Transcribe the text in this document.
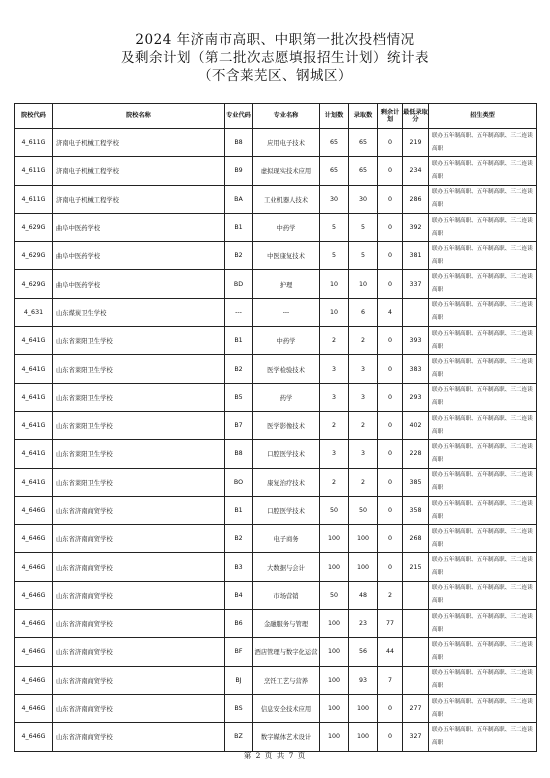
2024 年济南市高职、中职第一批次投档情况
及剩余计划（第二批次志愿填报招生计划）统计表
（不含莱芜区、钢城区）
院校代码	院校名称	专业代码	专业名称	计划数	录取数	剩余计划	最低录取分	招生类型
4_611G	济南电子机械工程学校	B8	应用电子技术	65	65	0	219	联办五年制高职、五年制高职、三二连读高职
4_611G	济南电子机械工程学校	B9	虚拟现实技术应用	65	65	0	234	联办五年制高职、五年制高职、三二连读高职
4_611G	济南电子机械工程学校	BA	工业机器人技术	30	30	0	286	联办五年制高职、五年制高职、三二连读高职
4_629G	曲阜中医药学校	B1	中药学	5	5	0	392	联办五年制高职、五年制高职、三二连读高职
4_629G	曲阜中医药学校	B2	中医康复技术	5	5	0	381	联办五年制高职、五年制高职、三二连读高职
4_629G	曲阜中医药学校	BD	护理	10	10	0	337	联办五年制高职、五年制高职、三二连读高职
4_631	山东煤炭卫生学校	---	---	10	6	4		联办五年制高职、五年制高职、三二连读高职
4_641G	山东省莱阳卫生学校	B1	中药学	2	2	0	393	联办五年制高职、五年制高职、三二连读高职
4_641G	山东省莱阳卫生学校	B2	医学检验技术	3	3	0	383	联办五年制高职、五年制高职、三二连读高职
4_641G	山东省莱阳卫生学校	B5	药学	3	3	0	293	联办五年制高职、五年制高职、三二连读高职
4_641G	山东省莱阳卫生学校	B7	医学影像技术	2	2	0	402	联办五年制高职、五年制高职、三二连读高职
4_641G	山东省莱阳卫生学校	B8	口腔医学技术	3	3	0	228	联办五年制高职、五年制高职、三二连读高职
4_641G	山东省莱阳卫生学校	BO	康复治疗技术	2	2	0	385	联办五年制高职、五年制高职、三二连读高职
4_646G	山东省济南商贸学校	B1	口腔医学技术	50	50	0	358	联办五年制高职、五年制高职、三二连读高职
4_646G	山东省济南商贸学校	B2	电子商务	100	100	0	268	联办五年制高职、五年制高职、三二连读高职
4_646G	山东省济南商贸学校	B3	大数据与会计	100	100	0	215	联办五年制高职、五年制高职、三二连读高职
4_646G	山东省济南商贸学校	B4	市场营销	50	48	2		联办五年制高职、五年制高职、三二连读高职
4_646G	山东省济南商贸学校	B6	金融服务与管理	100	23	77		联办五年制高职、五年制高职、三二连读高职
4_646G	山东省济南商贸学校	BF	酒店管理与数字化运营	100	56	44		联办五年制高职、五年制高职、三二连读高职
4_646G	山东省济南商贸学校	BJ	烹饪工艺与营养	100	93	7		联办五年制高职、五年制高职、三二连读高职
4_646G	山东省济南商贸学校	BS	信息安全技术应用	100	100	0	277	联办五年制高职、五年制高职、三二连读高职
4_646G	山东省济南商贸学校	BZ	数字媒体艺术设计	100	100	0	327	联办五年制高职、五年制高职、三二连读高职
第 2 页 共 7 页
